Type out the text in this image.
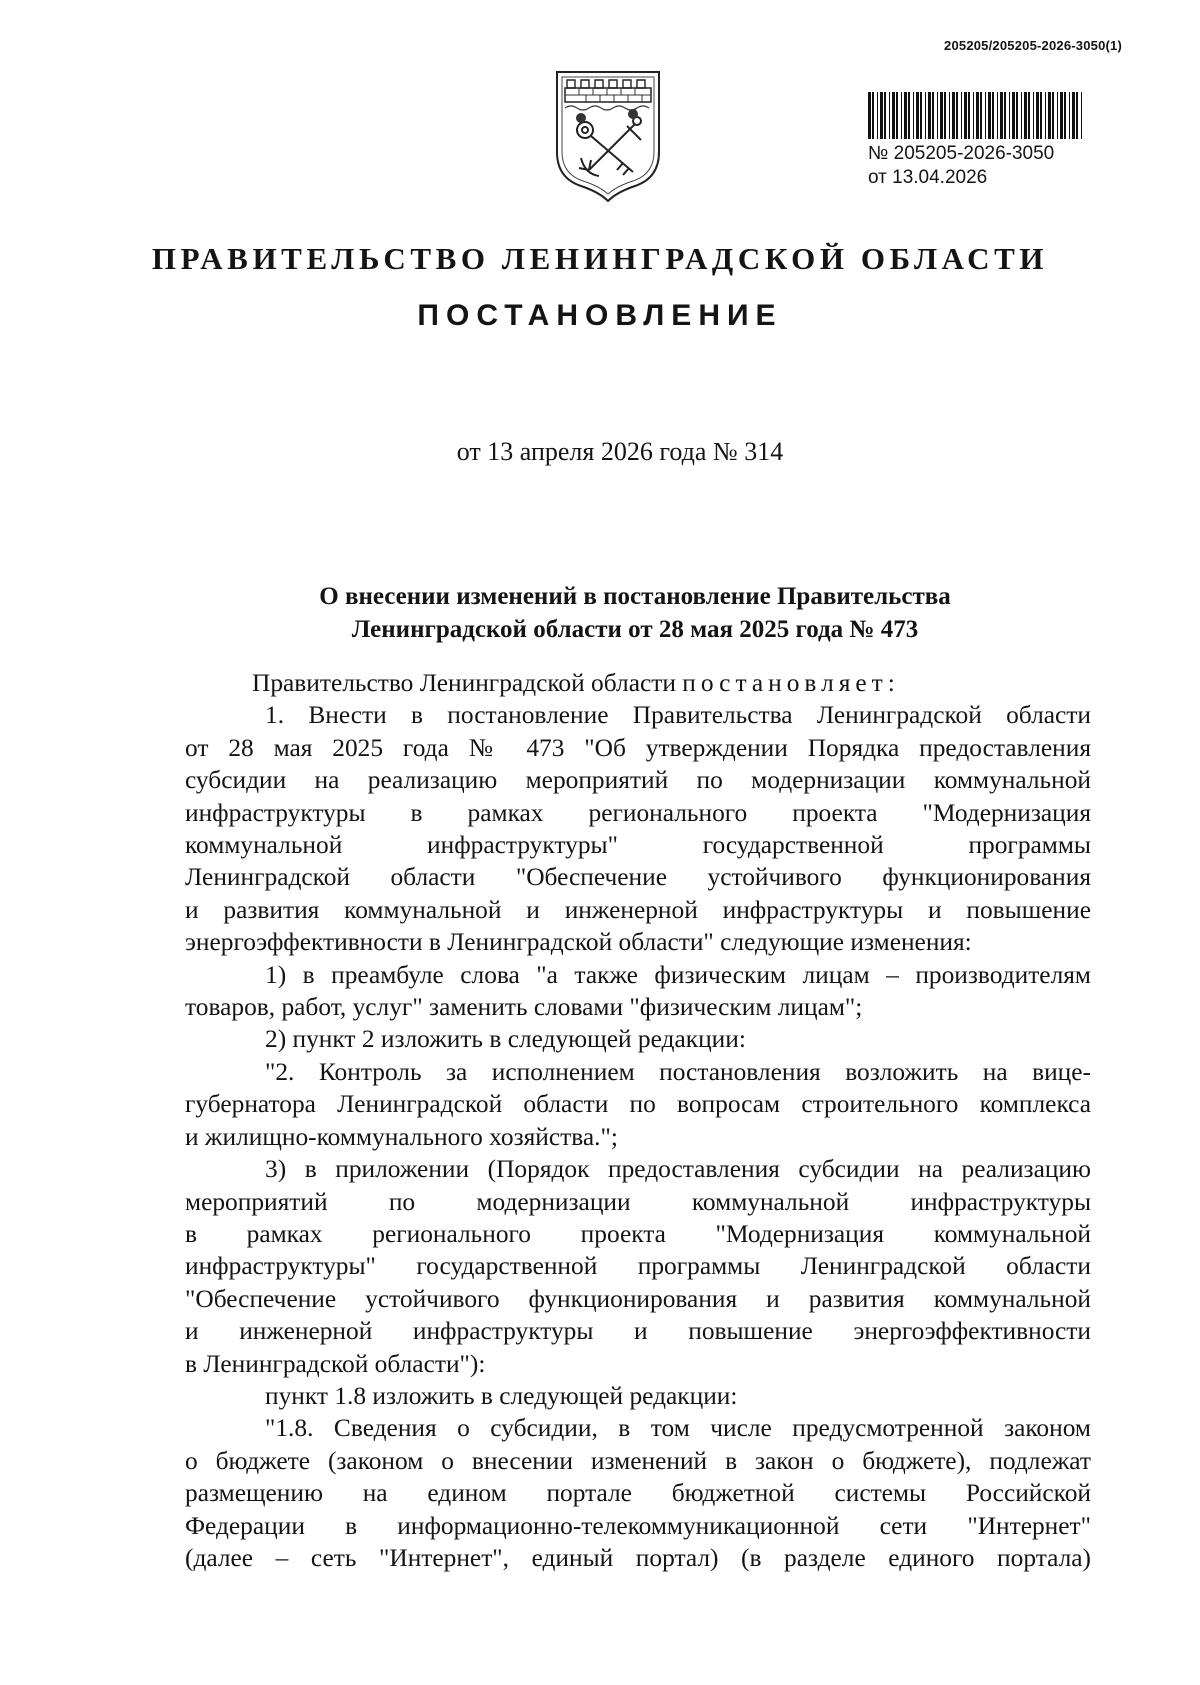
205205/205205-2026-3050(1)
№ 205205-2026-3050
от 13.04.2026
ПРАВИТЕЛЬСТВО ЛЕНИНГРАДСКОЙ ОБЛАСТИ
ПОСТАНОВЛЕНИЕ
от 13 апреля 2026 года № 314
О внесении изменений в постановление Правительства
Ленинградской области от 28 мая 2025 года № 473
Правительство Ленинградской области постановляет:
1. Внести в постановление Правительства Ленинградской области
от 28 мая 2025 года № 473 "Об утверждении Порядка предоставления
субсидии на реализацию мероприятий по модернизации коммунальной
инфраструктуры в рамках регионального проекта "Модернизация
коммунальной инфраструктуры" государственной программы
Ленинградской области "Обеспечение устойчивого функционирования
и развития коммунальной и инженерной инфраструктуры и повышение
энергоэффективности в Ленинградской области" следующие изменения:
1) в преамбуле слова "а также физическим лицам – производителям
товаров, работ, услуг" заменить словами "физическим лицам";
2) пункт 2 изложить в следующей редакции:
"2. Контроль за исполнением постановления возложить на вице-
губернатора Ленинградской области по вопросам строительного комплекса
и жилищно-коммунального хозяйства.";
3) в приложении (Порядок предоставления субсидии на реализацию
мероприятий по модернизации коммунальной инфраструктуры
в рамках регионального проекта "Модернизация коммунальной
инфраструктуры" государственной программы Ленинградской области
"Обеспечение устойчивого функционирования и развития коммунальной
и инженерной инфраструктуры и повышение энергоэффективности
в Ленинградской области"):
пункт 1.8 изложить в следующей редакции:
"1.8. Сведения о субсидии, в том числе предусмотренной законом
о бюджете (законом о внесении изменений в закон о бюджете), подлежат
размещению на едином портале бюджетной системы Российской
Федерации в информационно-телекоммуникационной сети "Интернет"
(далее – сеть "Интернет", единый портал) (в разделе единого портала)
